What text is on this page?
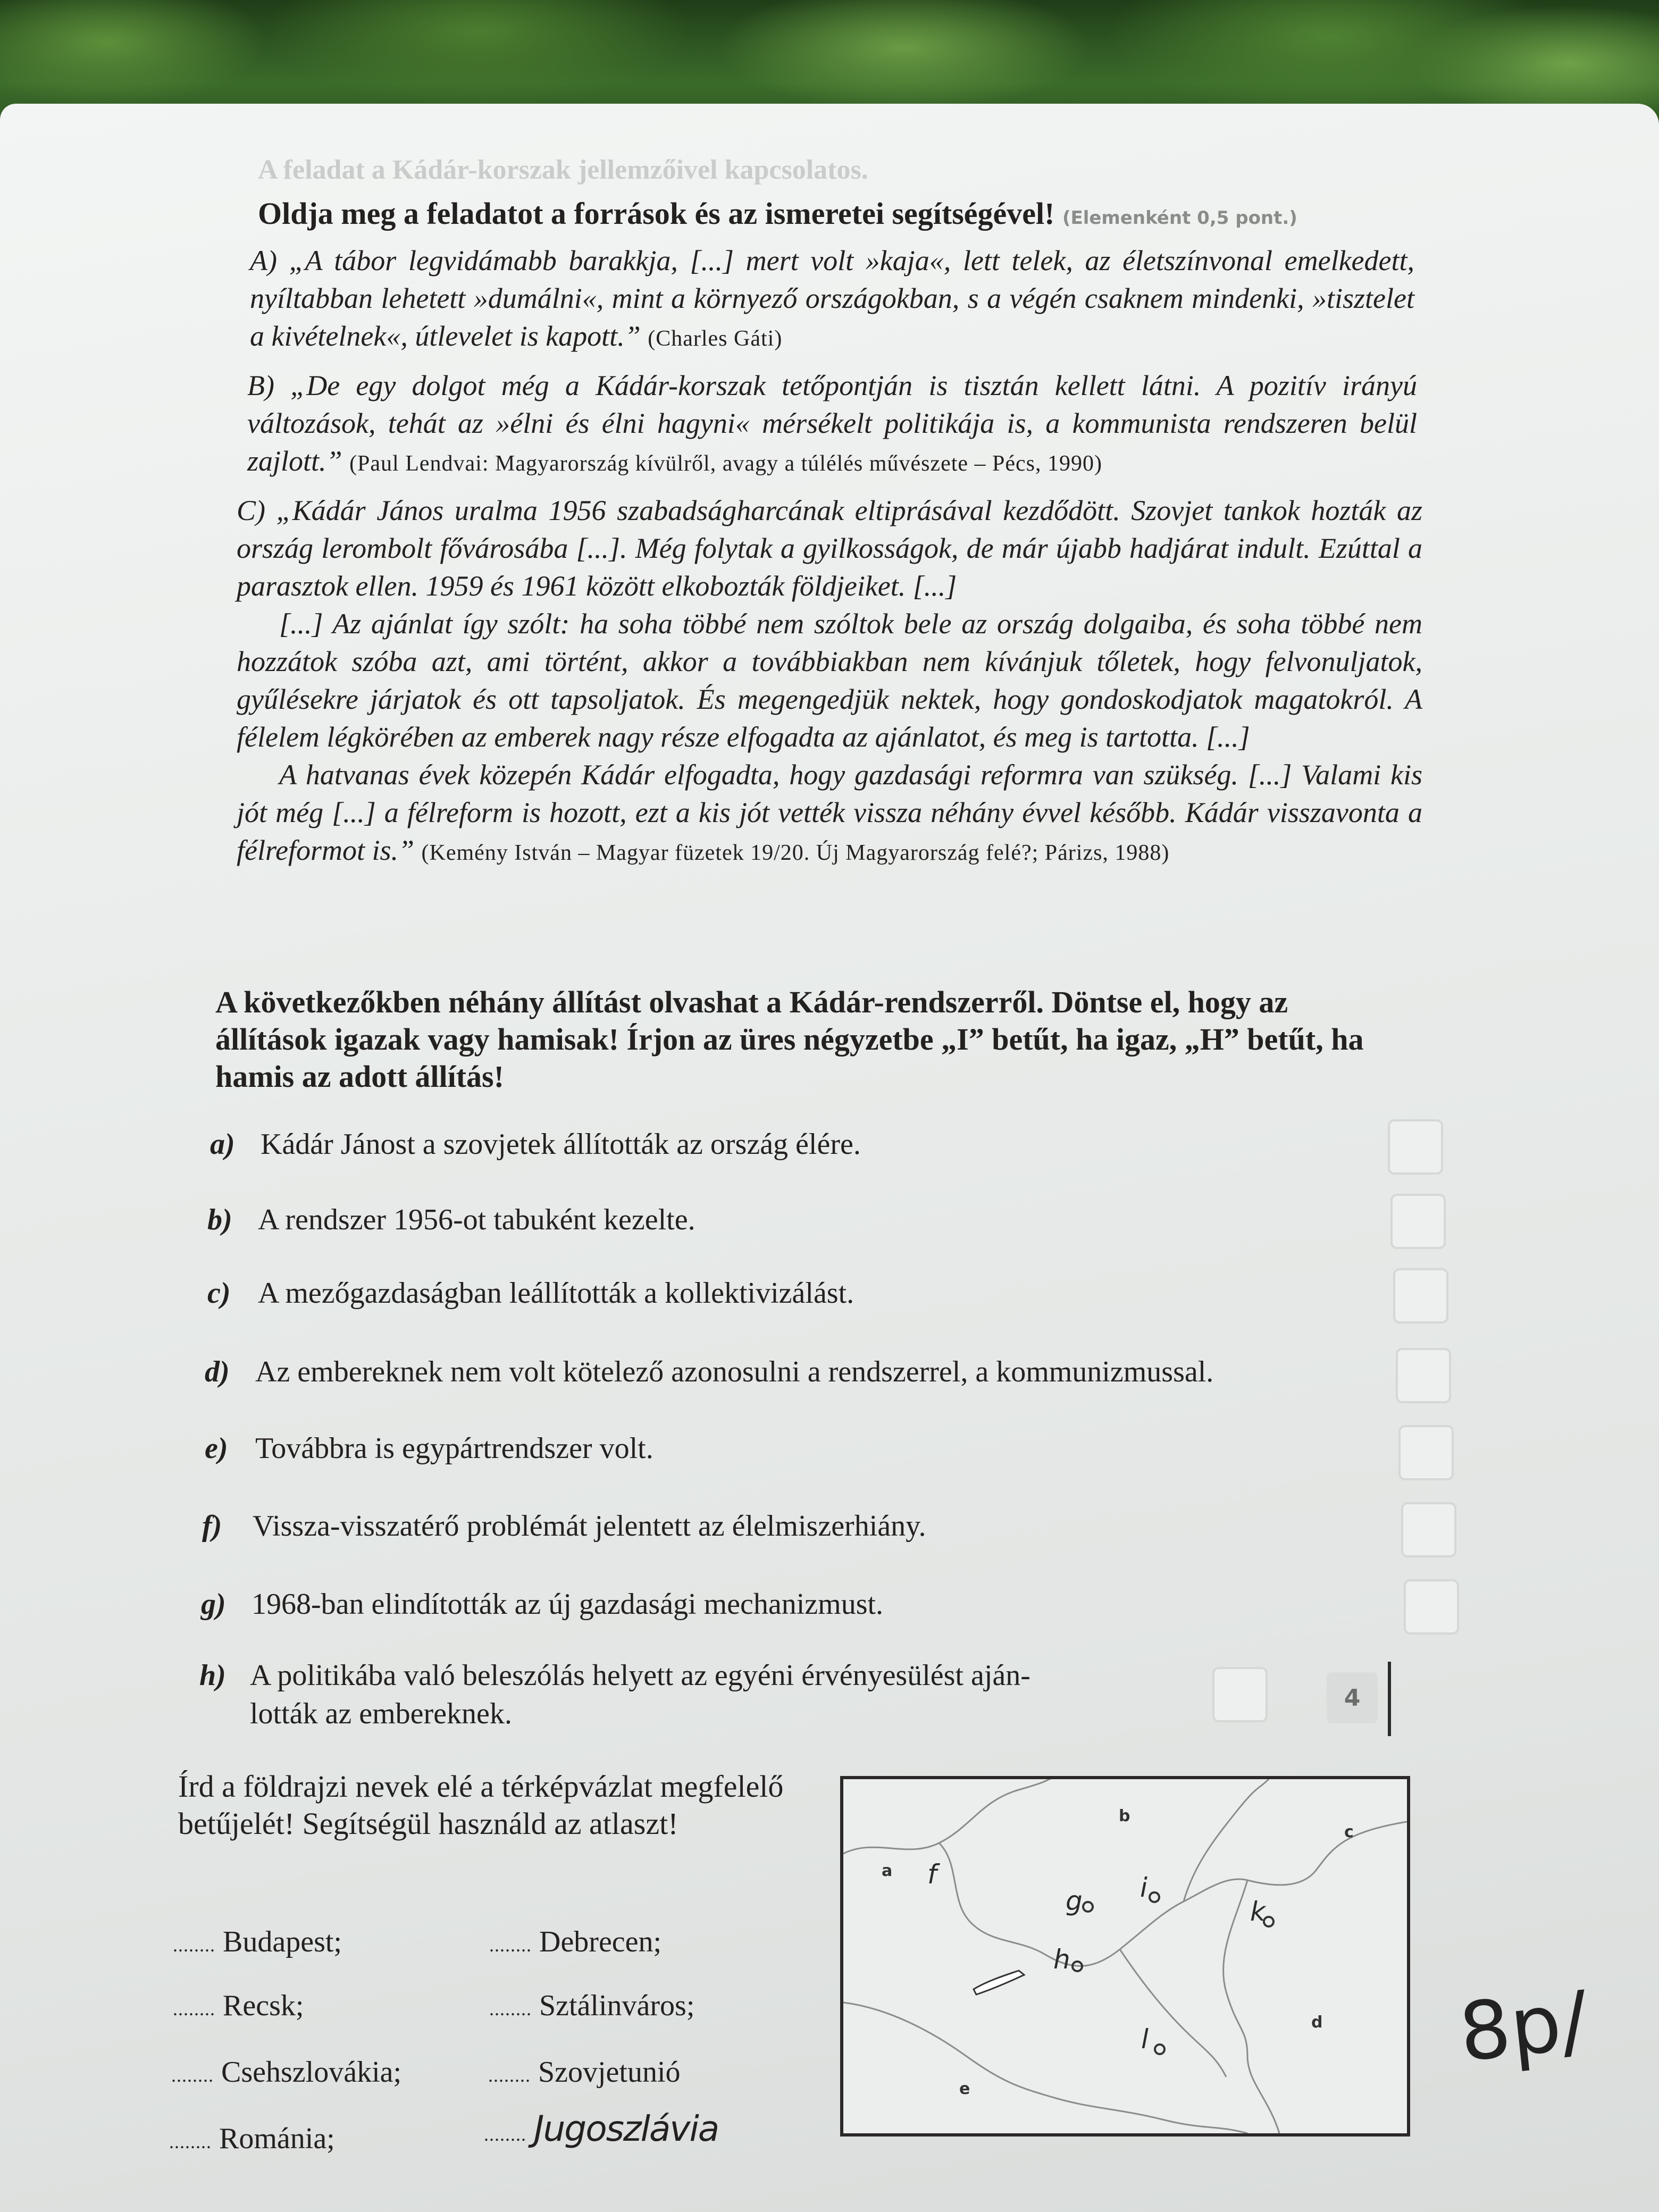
A feladat a Kádár-korszak jellemzőivel kapcsolatos.
Oldja meg a feladatot a források és az ismeretei segítségével! (Elemenként 0,5 pont.)
A) „A tábor legvidámabb barakkja, [...] mert volt »kaja«, lett telek, az életszínvonal emelkedett, nyíltabban lehetett »dumálni«, mint a környező országokban, s a végén csaknem mindenki, »tisztelet a kivételnek«, útlevelet is kapott.” (Charles Gáti)
B) „De egy dolgot még a Kádár-korszak tetőpontján is tisztán kellett látni. A pozitív irányú változások, tehát az »élni és élni hagyni« mérsékelt politikája is, a kommunista rendszeren belül zajlott.” (Paul Lendvai: Magyarország kívülről, avagy a túlélés művészete – Pécs, 1990)

C) „Kádár János uralma 1956 szabadságharcának eltiprásával kezdődött. Szovjet tankok hozták az ország lerombolt fővárosába [...]. Még folytak a gyilkosságok, de már újabb hadjárat indult. Ezúttal a parasztok ellen. 1959 és 1961 között elkobozták földjeiket. [...]

[...] Az ajánlat így szólt: ha soha többé nem szóltok bele az ország dolgaiba, és soha többé nem hozzátok szóba azt, ami történt, akkor a továbbiakban nem kívánjuk tőletek, hogy felvonuljatok, gyűlésekre járjatok és ott tapsoljatok. És megengedjük nektek, hogy gondoskodjatok magatokról. A félelem légkörében az emberek nagy része elfogadta az ajánlatot, és meg is tartotta. [...]

A hatvanas évek közepén Kádár elfogadta, hogy gazdasági reformra van szükség. [...] Valami kis jót még [...] a félreform is hozott, ezt a kis jót vették vissza néhány évvel később. Kádár visszavonta a félreformot is.” (Kemény István – Magyar füzetek 19/20. Új Magyarország felé?; Párizs, 1988)

A következőkben néhány állítást olvashat a Kádár-rendszerről. Döntse el, hogy az állítások igazak vagy hamisak! Írjon az üres négyzetbe „I” betűt, ha igaz, „H” betűt, ha hamis az adott állítás!
a) Kádár Jánost a szovjetek állították az ország élére.
b) A rendszer 1956-ot tabuként kezelte.
c) A mezőgazdaságban leállították a kollektivizálást.
d) Az embereknek nem volt kötelező azonosulni a rendszerrel, a kommunizmussal.
e) Továbbra is egypártrendszer volt.
f) Vissza-visszatérő problémát jelentett az élelmiszerhiány.
g) 1968-ban elindították az új gazdasági mechanizmust.
h) A politikába való beleszólás helyett az egyéni érvényesülést aján-
lották az embereknek.	4
Írd a földrajzi nevek elé a térképvázlat megfelelő betűjelét! Segítségül használd az atlaszt!
........ Budapest;	........ Debrecen;
........ Recsk;	........ Sztálinváros;
........ Csehszlovákia;	........ Szovjetunió
........ Románia;	........ Jugoszlávia
a
b
c
d
e
f
g
h
i
k
l	8p/
